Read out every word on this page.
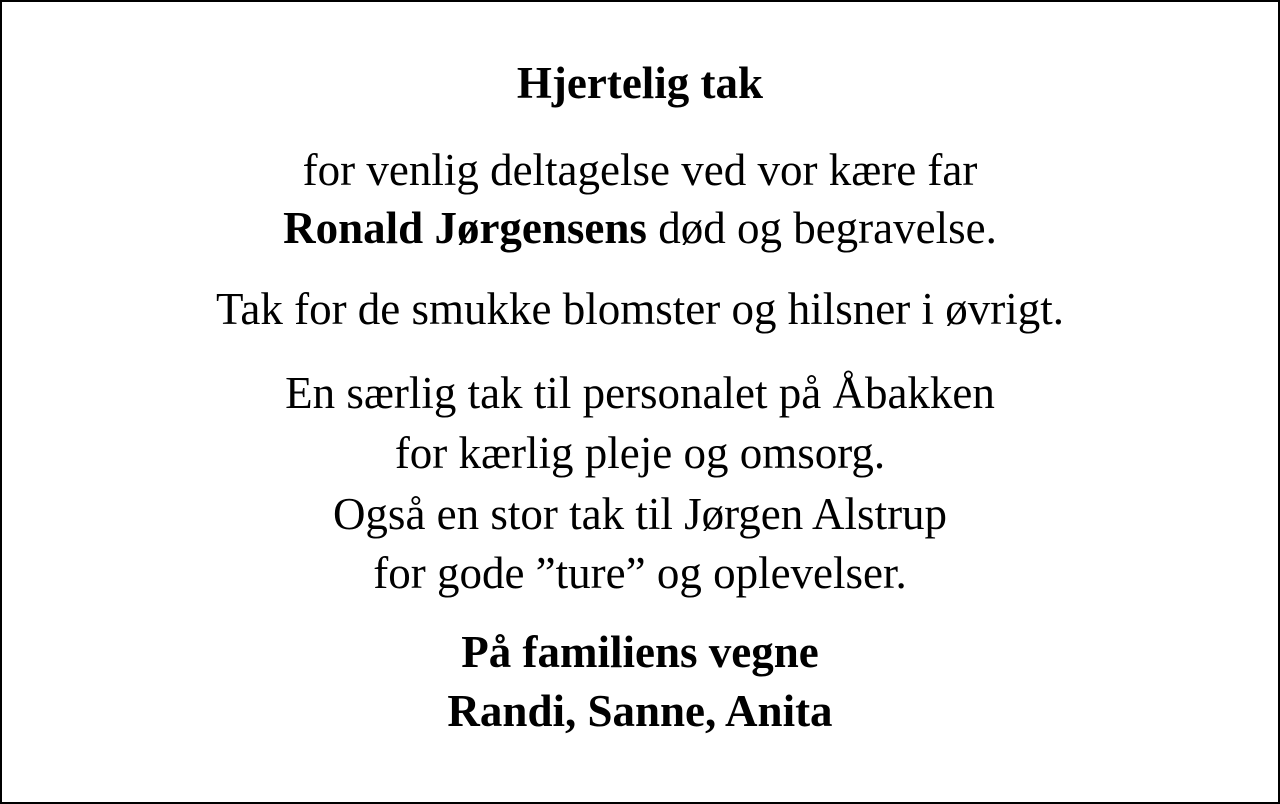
Hjertelig tak

for venlig deltagelse ved vor kære far

Ronald Jørgensens død og begravelse.

Tak for de smukke blomster og hilsner i øvrigt.

En særlig tak til personalet på Åbakken

for kærlig pleje og omsorg.

Også en stor tak til Jørgen Alstrup

for gode ”ture” og oplevelser.

På familiens vegne

Randi, Sanne, Anita
